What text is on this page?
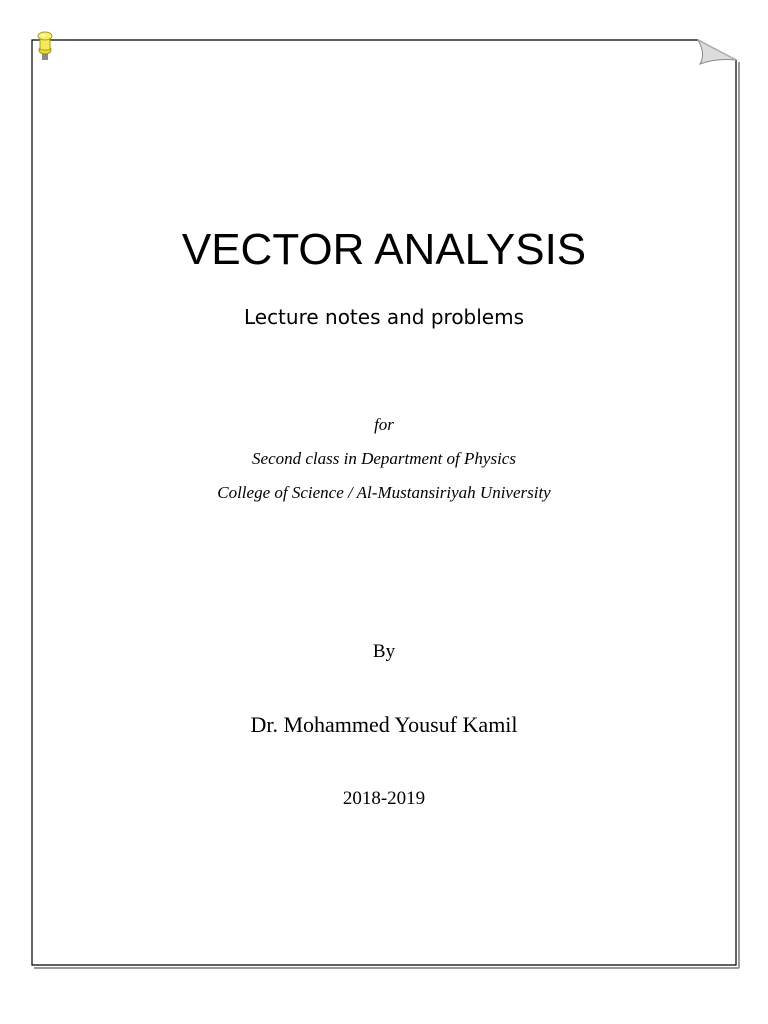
VECTOR ANALYSIS
Lecture notes and problems
for
Second class in Department of Physics
College of Science / Al-Mustansiriyah University
By
Dr. Mohammed Yousuf Kamil
2018-2019
